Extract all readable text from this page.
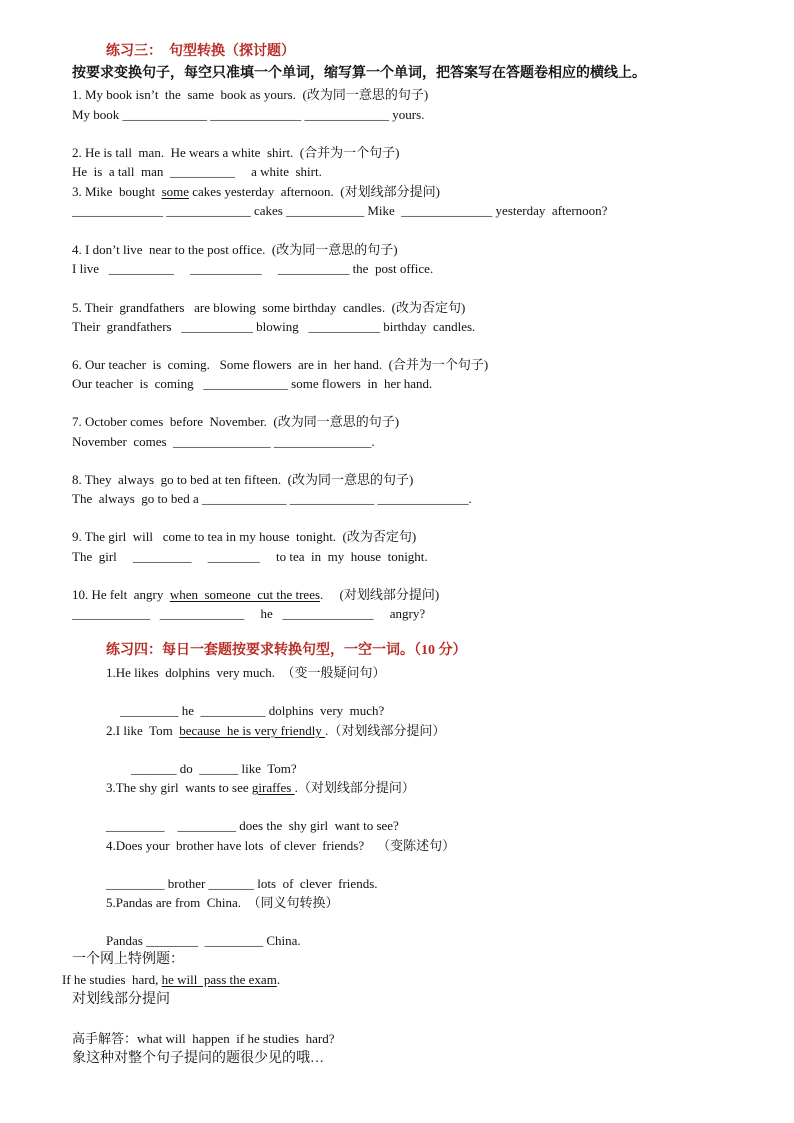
练习三：  句型转换（探讨题）
按要求变换句子，每空只准填一个单词，缩写算一个单词，把答案写在答题卷相应的横线上。
1. My book isn’t  the  same  book as yours.  (改为同一意思的句子)
My book _____________ ______________ _____________ yours.
2. He is tall  man.  He wears a white  shirt.  (合并为一个句子)
He  is  a tall  man  __________     a white  shirt.
3. Mike  bought  some cakes yesterday  afternoon.  (对划线部分提问)
______________ _____________ cakes ____________ Mike  ______________ yesterday  afternoon?
4. I don’t live  near to the post office.  (改为同一意思的句子)
I live   __________     ___________     ___________ the  post office.
5. Their  grandfathers   are blowing  some birthday  candles.  (改为否定句)
Their  grandfathers   ___________ blowing   ___________ birthday  candles.
6. Our teacher  is  coming.   Some flowers  are in  her hand.  (合并为一个句子)
Our teacher  is  coming   _____________ some flowers  in  her hand.
7. October comes  before  November.  (改为同一意思的句子)
November  comes  _______________ _______________.
8. They  always  go to bed at ten fifteen.  (改为同一意思的句子)
The  always  go to bed a _____________ _____________ ______________.
9. The girl  will   come to tea in my house  tonight.  (改为否定句)
The  girl     _________     ________     to tea  in  my  house  tonight.
10. He felt  angry  when  someone  cut the trees.     (对划线部分提问)
____________   _____________     he   ______________     angry?
练习四：每日一套题按要求转换句型，一空一词。（10 分）
1.He likes  dolphins  very much.  （变一般疑问句）
_________ he  __________ dolphins  very  much?
2.I like  Tom  because  he is very friendly .（对划线部分提问）
_______ do  ______ like  Tom?
3.The shy girl  wants to see giraffes .（对划线部分提问）
_________    _________ does the  shy girl  want to see?
4.Does your  brother have lots  of clever  friends?    （变陈述句）
_________ brother _______ lots  of  clever  friends.
5.Pandas are from  China.  （同义句转换）
Pandas ________  _________ China.
一个网上特例题：
If he studies  hard, he will  pass the exam.
对划线部分提问
高手解答：what will  happen  if he studies  hard?
象这种对整个句子提问的题很少见的哦…
